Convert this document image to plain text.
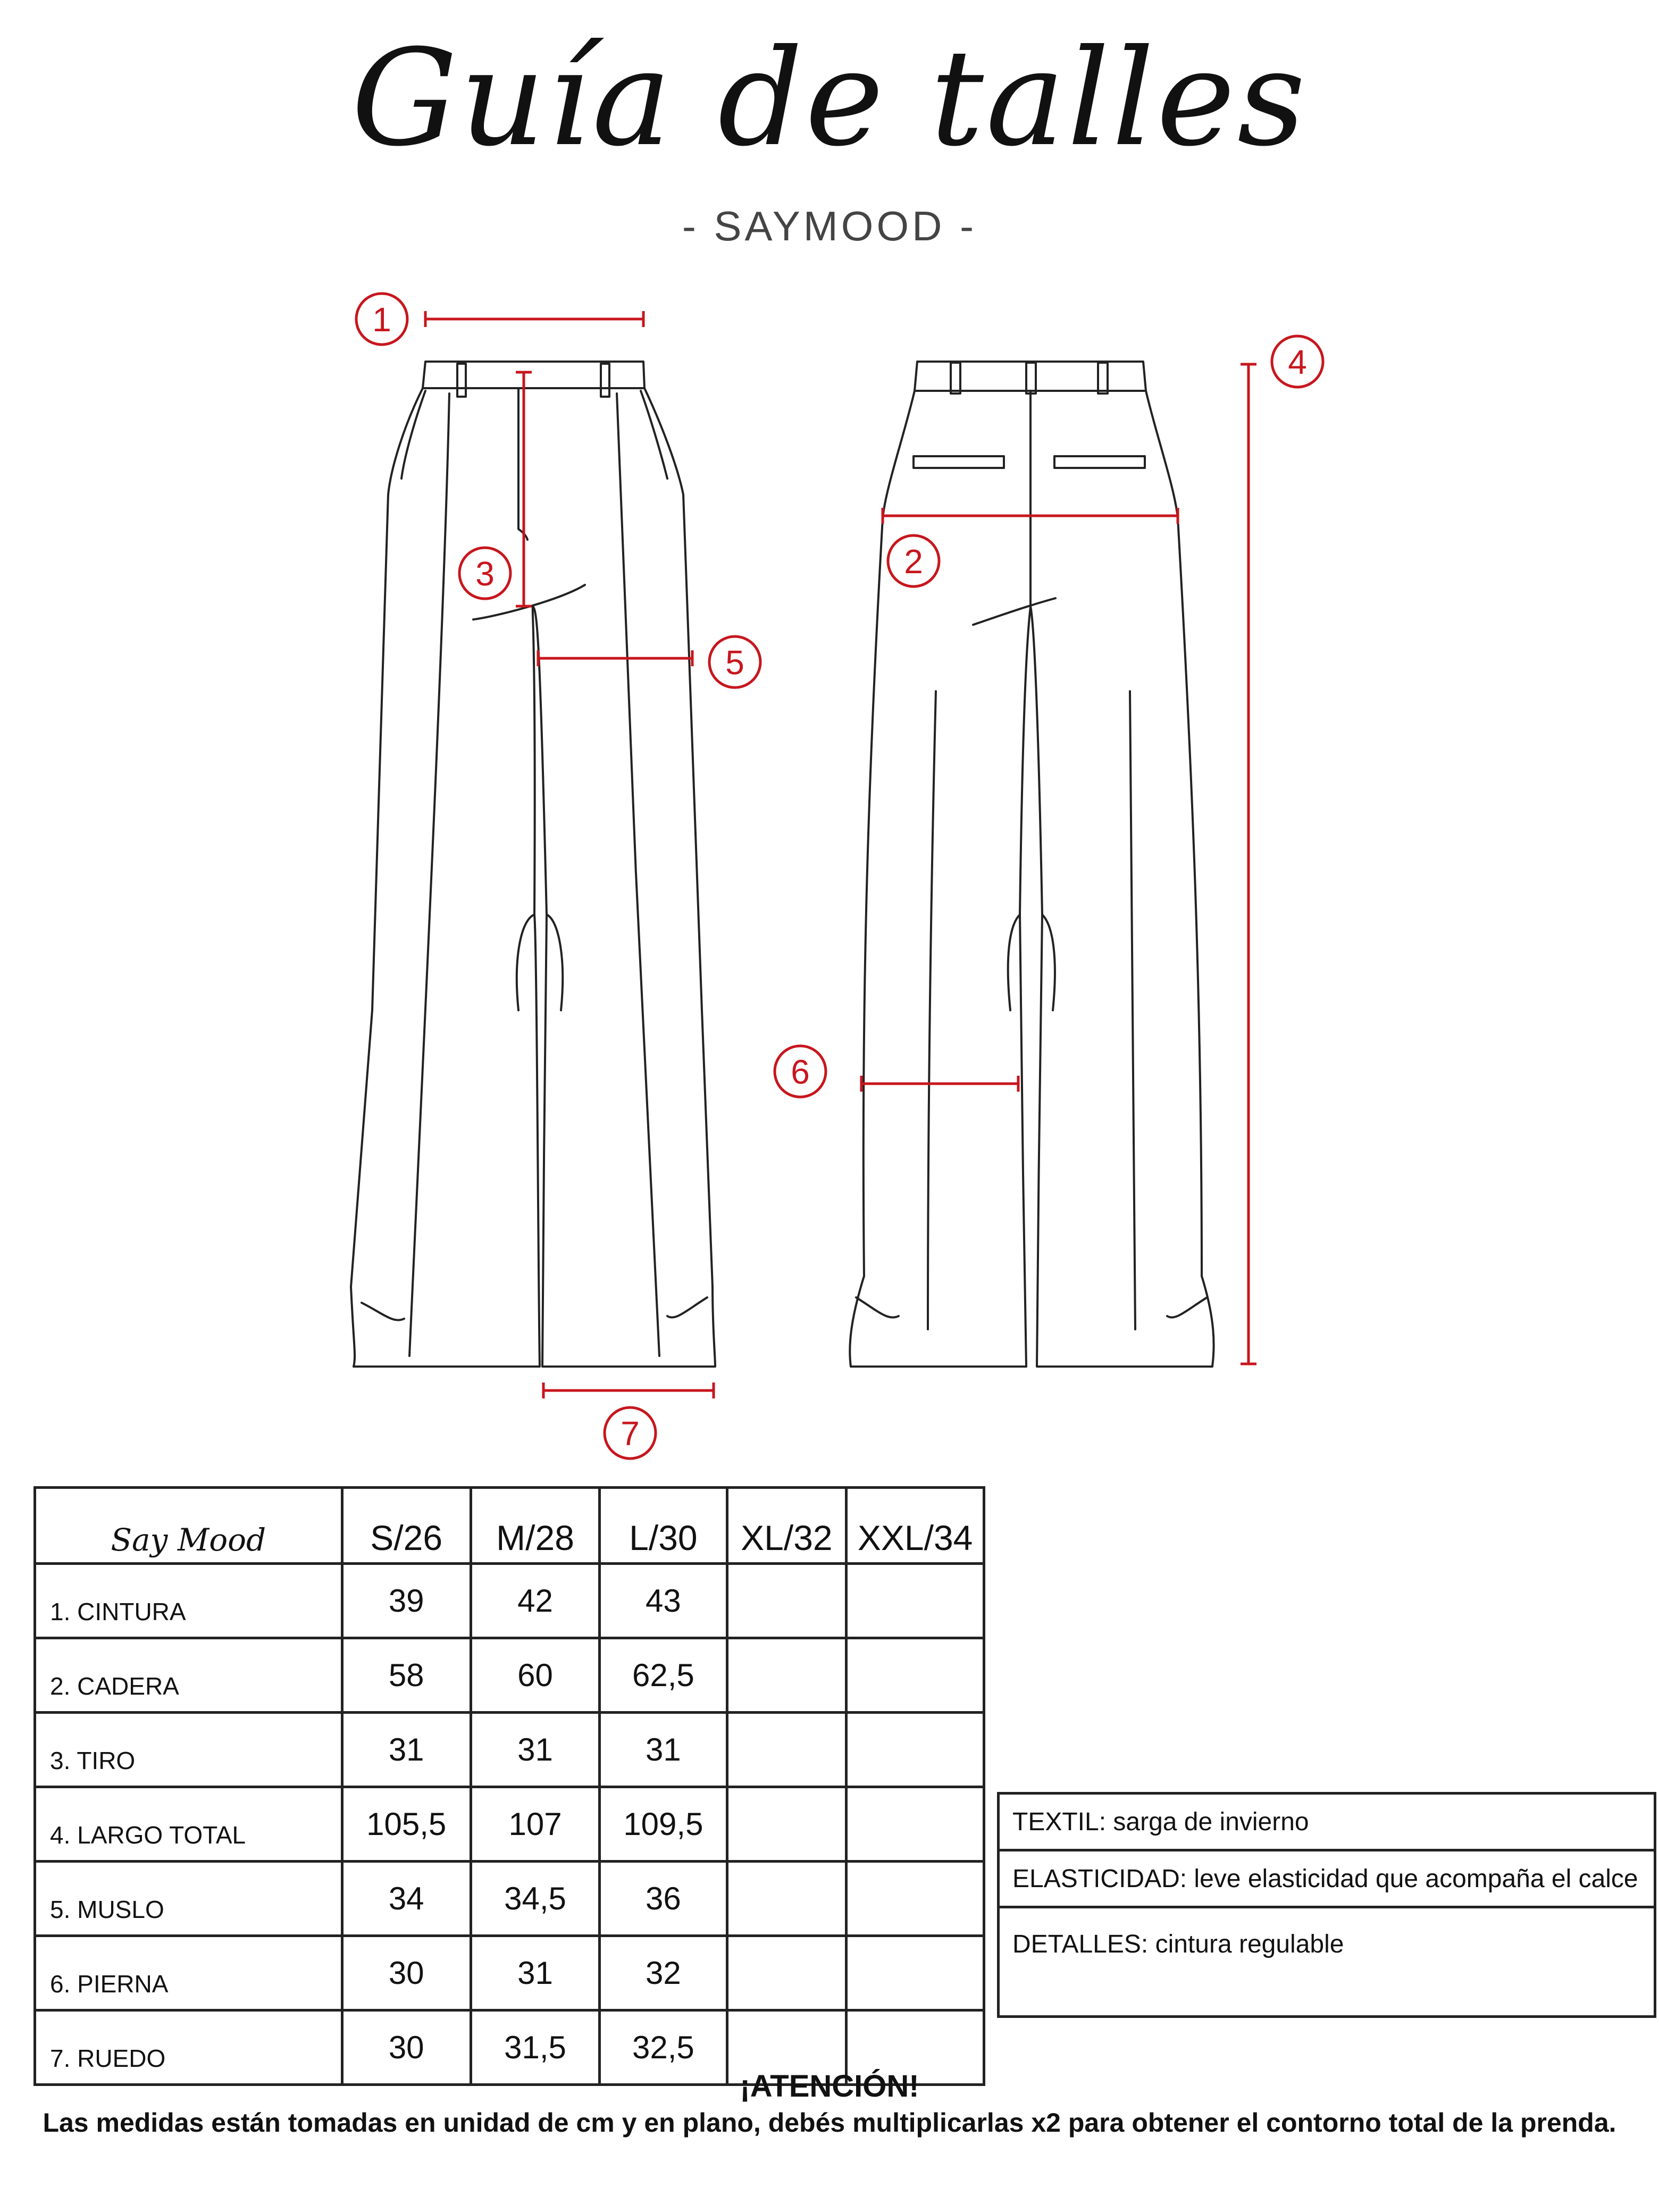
Guía de talles
- SAYMOOD -
1
2
3
4
5
6
7
Say Mood	S/26	M/28	L/30	XL/32	XXL/34
1. CINTURA	39	42	43		
2. CADERA	58	60	62,5		
3. TIRO	31	31	31		
4. LARGO TOTAL	105,5	107	109,5		
5. MUSLO	34	34,5	36		
6. PIERNA	30	31	32		
7. RUEDO	30	31,5	32,5		
TEXTIL: sarga de invierno
ELASTICIDAD: leve elasticidad que acompaña el calce
DETALLES: cintura regulable
¡ATENCIÓN!
Las medidas están tomadas en unidad de cm y en plano, debés multiplicarlas x2 para obtener el contorno total de la prenda.
